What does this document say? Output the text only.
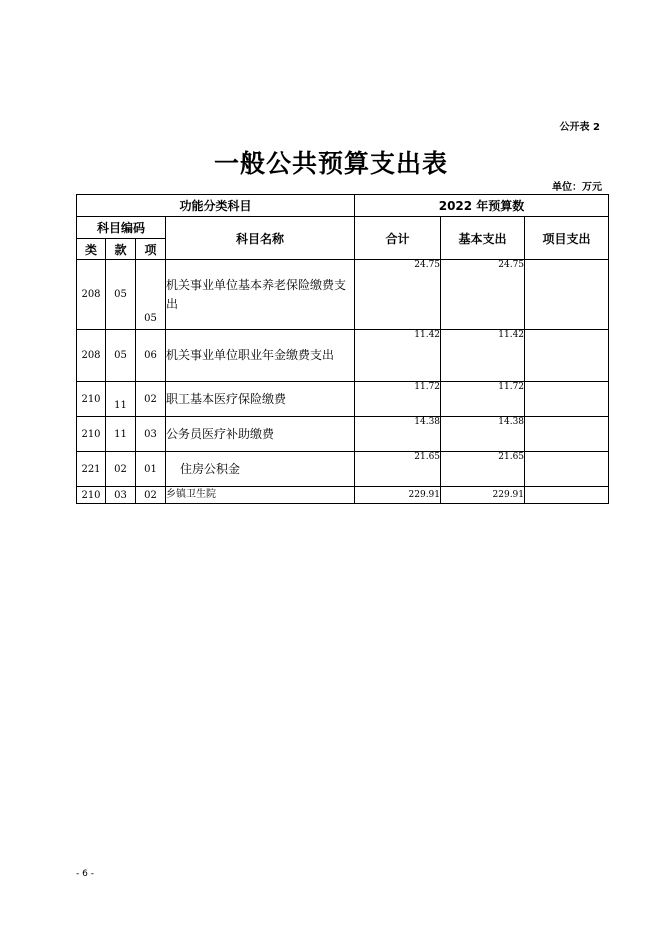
公开表 2
一般公共预算支出表
单位：万元
功能分类科目				2022 年预算数		
科目编码			科目名称	合计	基本支出	项目支出
类	款	项				
208	05	05	机关事业单位基本养老保险缴费支出	24.75	24.75	
208	05	06	机关事业单位职业年金缴费支出	11.42	11.42	
210	11	02	职工基本医疗保险缴费	11.72	11.72	
210	11	03	公务员医疗补助缴费	14.38	14.38	
221	02	01	住房公积金	21.65	21.65	
210	03	02	乡镇卫生院	229.91	229.91	
- 6 -
